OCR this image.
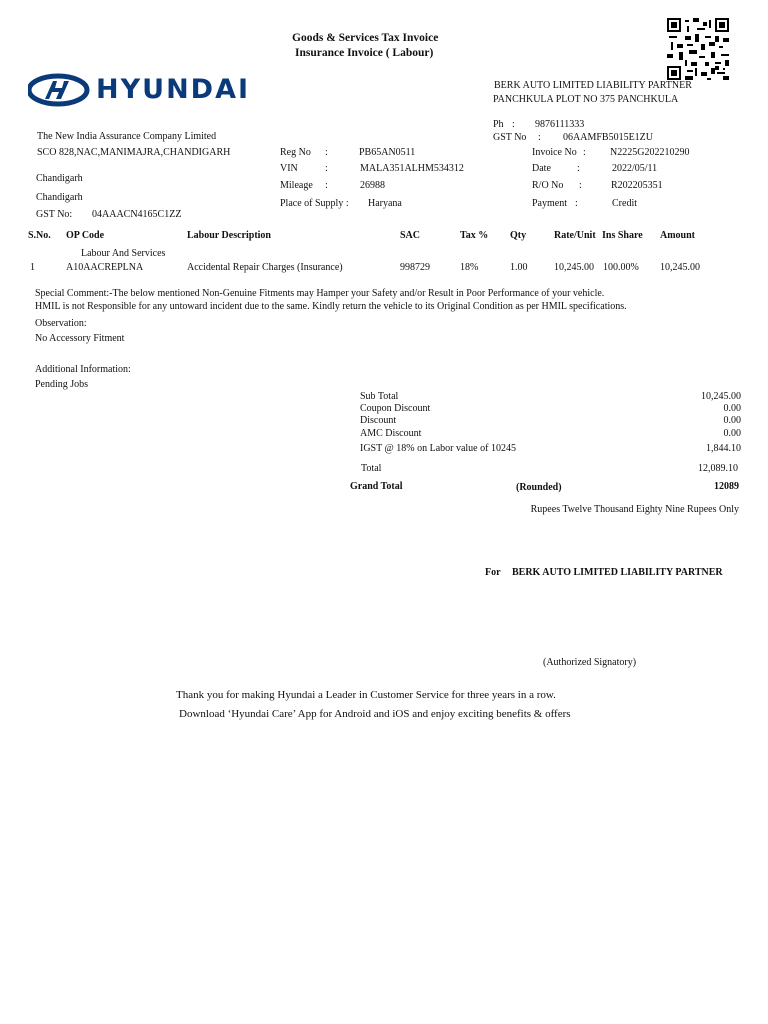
Goods & Services Tax Invoice
Insurance Invoice ( Labour)
HYUNDAI	BERK AUTO LIMITED LIABILITY PARTNER
PANCHKULA PLOT NO 375 PANCHKULA
Ph : 9876111333
GST No : 06AAMFB5015E1ZU
The New India Assurance Company Limited
SCO 828,NAC,MANIMAJRA,CHANDIGARH
Chandigarh
Chandigarh
GST No: 04AAACN4165C1ZZ
Reg No :	PB65AN0511
VIN	:	MALA351ALHM534312
Mileage :	26988
Place of Supply : Haryana
Invoice No : N2225G202210290
Date	:	2022/05/11
R/O No :	R202205351
Payment :	Credit
S.No. OP Code	Labour Description	SAC	Tax % Qty	Rate/Unit Ins Share Amount
Labour And Services
1	A10AACREPLNA	Accidental Repair Charges (Insurance)	998729	18%	1.00	10,245.00 100.00% 10,245.00
Special Comment:-The below mentioned Non-Genuine Fitments may Hamper your Safety and/or Result in Poor Performance of your vehicle.
HMIL is not Responsible for any untoward incident due to the same. Kindly return the vehicle to its Original Condition as per HMIL specifications.
Observation:
No Accessory Fitment
Additional Information:
Pending Jobs
Sub Total	10,245.00
Coupon Discount	0.00
Discount	0.00
AMC Discount	0.00
IGST @ 18% on Labor value of 10245	1,844.10
Total	12,089.10
Grand Total	(Rounded)	12089
Rupees Twelve Thousand Eighty Nine Rupees Only
For BERK AUTO LIMITED LIABILITY PARTNER
(Authorized Signatory)
Thank you for making Hyundai a Leader in Customer Service for three years in a row.
Download ‘Hyundai Care’ App for Android and iOS and enjoy exciting benefits & offers
